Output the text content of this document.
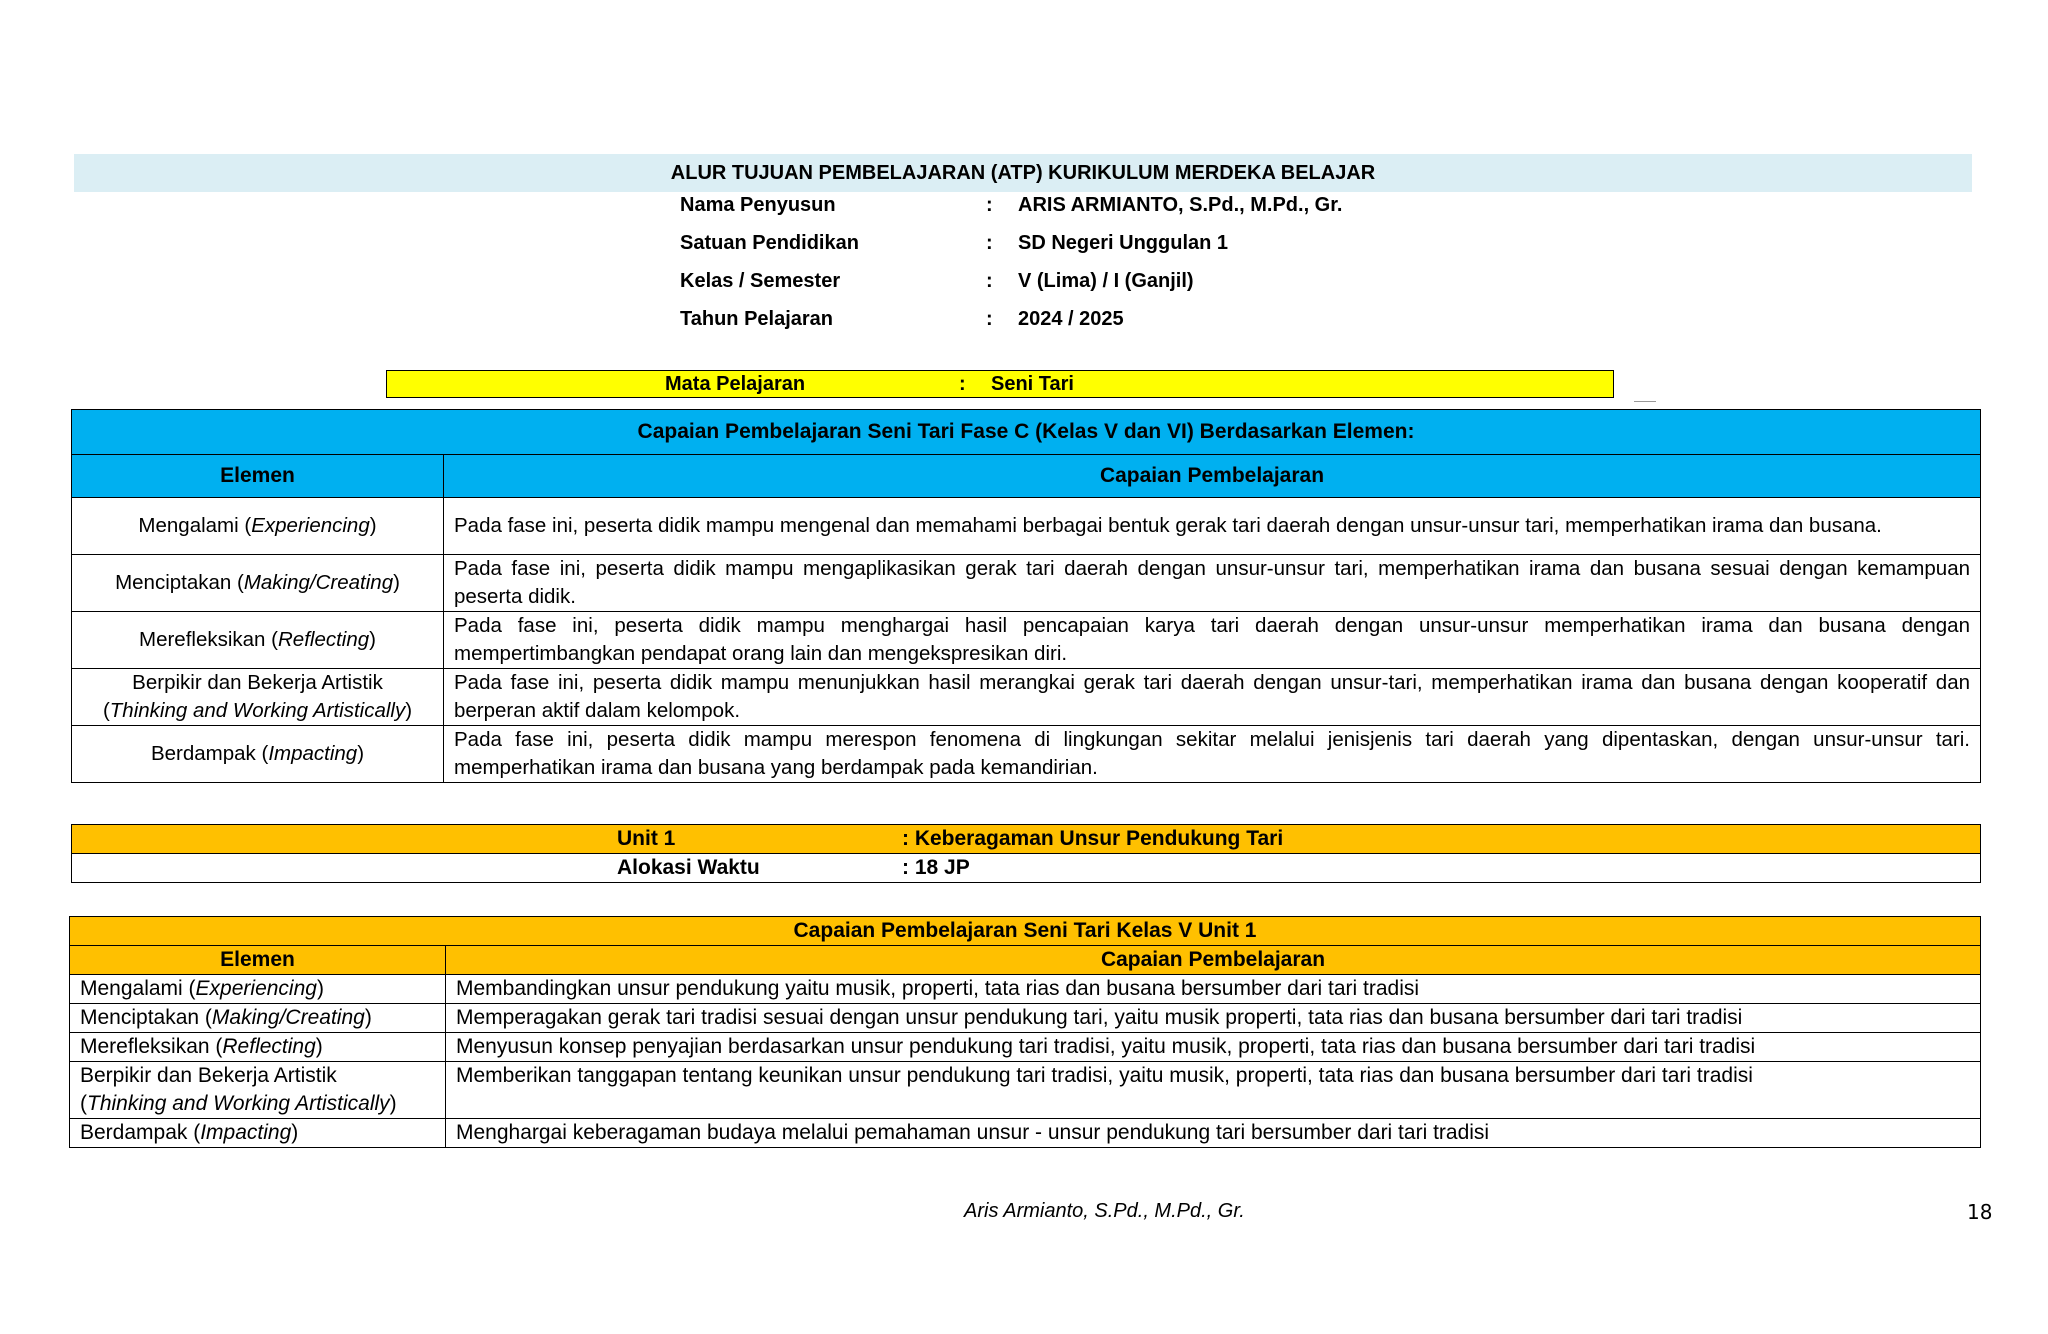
ALUR TUJUAN PEMBELAJARAN (ATP) KURIKULUM MERDEKA BELAJAR
Nama Penyusun	: ARIS ARMIANTO, S.Pd., M.Pd., Gr.
Satuan Pendidikan	: SD Negeri Unggulan 1
Kelas / Semester	: V (Lima) / I (Ganjil)
Tahun Pelajaran	: 2024 / 2025
Mata Pelajaran	: Seni Tari
Capaian Pembelajaran Seni Tari Fase C (Kelas V dan VI) Berdasarkan Elemen:	
Elemen	Capaian Pembelajaran
Mengalami (Experiencing)	Pada fase ini, peserta didik mampu mengenal dan memahami berbagai bentuk gerak tari daerah dengan unsur-unsur tari, memperhatikan irama dan busana.
Menciptakan (Making/Creating)	Pada fase ini, peserta didik mampu mengaplikasikan gerak tari daerah dengan unsur-unsur tari, memperhatikan irama dan busana sesuai dengan kemampuan peserta didik.
Merefleksikan (Reflecting)	Pada fase ini, peserta didik mampu menghargai hasil pencapaian karya tari daerah dengan unsur-unsur memperhatikan irama dan busana dengan mempertimbangkan pendapat orang lain dan mengekspresikan diri.
Berpikir dan Bekerja Artistik
(Thinking and Working Artistically)	Pada fase ini, peserta didik mampu menunjukkan hasil merangkai gerak tari daerah dengan unsur-tari, memperhatikan irama dan busana dengan kooperatif dan berperan aktif dalam kelompok.
Berdampak (Impacting)	Pada fase ini, peserta didik mampu merespon fenomena di lingkungan sekitar melalui jenisjenis tari daerah yang dipentaskan, dengan unsur-unsur tari. memperhatikan irama dan busana yang berdampak pada kemandirian.
Unit 1	: Keberagaman Unsur Pendukung Tari

Alokasi Waktu	: 18 JP
Capaian Pembelajaran Seni Tari Kelas V Unit 1	
Elemen	Capaian Pembelajaran
Mengalami (Experiencing)	Membandingkan unsur pendukung yaitu musik, properti, tata rias dan busana bersumber dari tari tradisi
Menciptakan (Making/Creating)	Memperagakan gerak tari tradisi sesuai dengan unsur pendukung tari, yaitu musik properti, tata rias dan busana bersumber dari tari tradisi
Merefleksikan (Reflecting)	Menyusun konsep penyajian berdasarkan unsur pendukung tari tradisi, yaitu musik, properti, tata rias dan busana bersumber dari tari tradisi
Berpikir dan Bekerja Artistik
(Thinking and Working Artistically)	Memberikan tanggapan tentang keunikan unsur pendukung tari tradisi, yaitu musik, properti, tata rias dan busana bersumber dari tari tradisi
Berdampak (Impacting)	Menghargai keberagaman budaya melalui pemahaman unsur - unsur pendukung tari bersumber dari tari tradisi
Aris Armianto, S.Pd., M.Pd., Gr.	18
